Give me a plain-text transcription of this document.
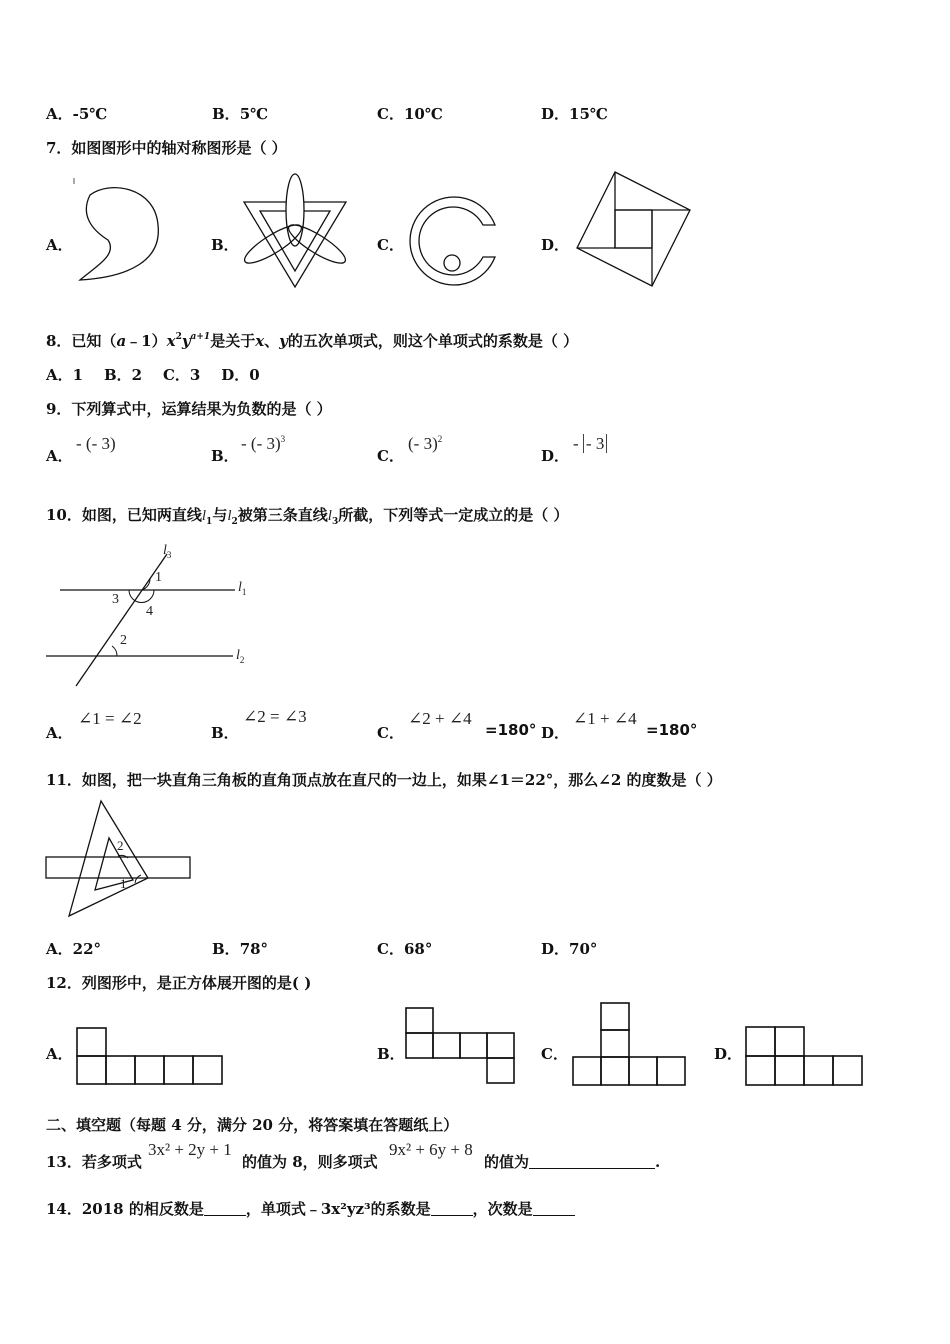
A．-5℃	B．5℃	C．10℃	D．15℃
7．如图图形中的轴对称图形是（ ）
A．	B．	C．	D．
8．已知$(a﹣1)x^2y^{a+1}$是关于x、y的五次单项式，则这个单项式的系数是（ ）
A．1    B．2    C．3    D．0
9．下列算式中，运算结果为负数的是（ ）
A．
- (- 3)
B．
- (- 3)$^3$
C．
(- 3)$^2$
D．
- - 3
10．如图，已知两直线$l_1$与$l_2$被第三条直线$l_3$所截，下列等式一定成立的是（ ）
$l_3$
$l_1$
$l_2$
1
3
4
2
A．
∠1 = ∠2
B．
∠2 = ∠3
C．
∠2 + ∠4
=180° D．
∠1 + ∠4
=180°
11．如图，把一块直角三角板的直角顶点放在直尺的一边上，如果∠1＝22°，那么∠2 的度数是（ ）
2
1
A．22°	B．78°	C．68°	D．70°
12．列图形中，是正方体展开图的是( )
A．	B．	C．	D．
二、填空题（每题 4 分，满分 20 分，将答案填在答题纸上）
13．若多项式
3x² + 2y + 1
的值为 8，则多项式
9x² + 6y + 8
的值为	.
14．2018 的相反数是	，单项式﹣3x²yz³的系数是	，次数是
